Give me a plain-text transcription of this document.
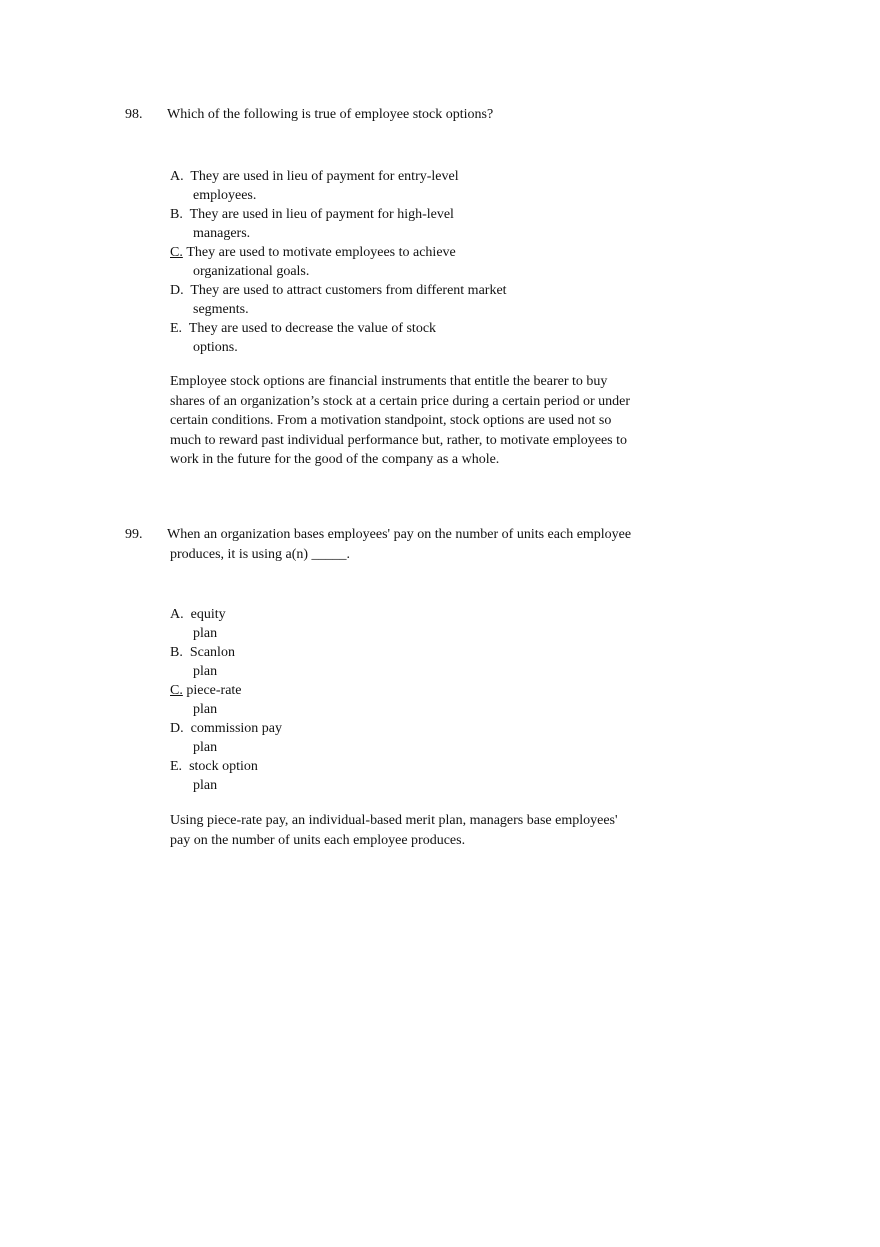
98. Which of the following is true of employee stock options?
A. They are used in lieu of payment for entry-level
employees.
B. They are used in lieu of payment for high-level
managers.
C. They are used to motivate employees to achieve
organizational goals.
D. They are used to attract customers from different market
segments.
E. They are used to decrease the value of stock
options.
Employee stock options are financial instruments that entitle the bearer to buy
shares of an organization’s stock at a certain price during a certain period or under
certain conditions. From a motivation standpoint, stock options are used not so
much to reward past individual performance but, rather, to motivate employees to
work in the future for the good of the company as a whole.
99. When an organization bases employees' pay on the number of units each employee
produces, it is using a(n) _____.
A. equity
plan
B. Scanlon
plan
C. piece-rate
plan
D. commission pay
plan
E. stock option
plan
Using piece-rate pay, an individual-based merit plan, managers base employees'
pay on the number of units each employee produces.
